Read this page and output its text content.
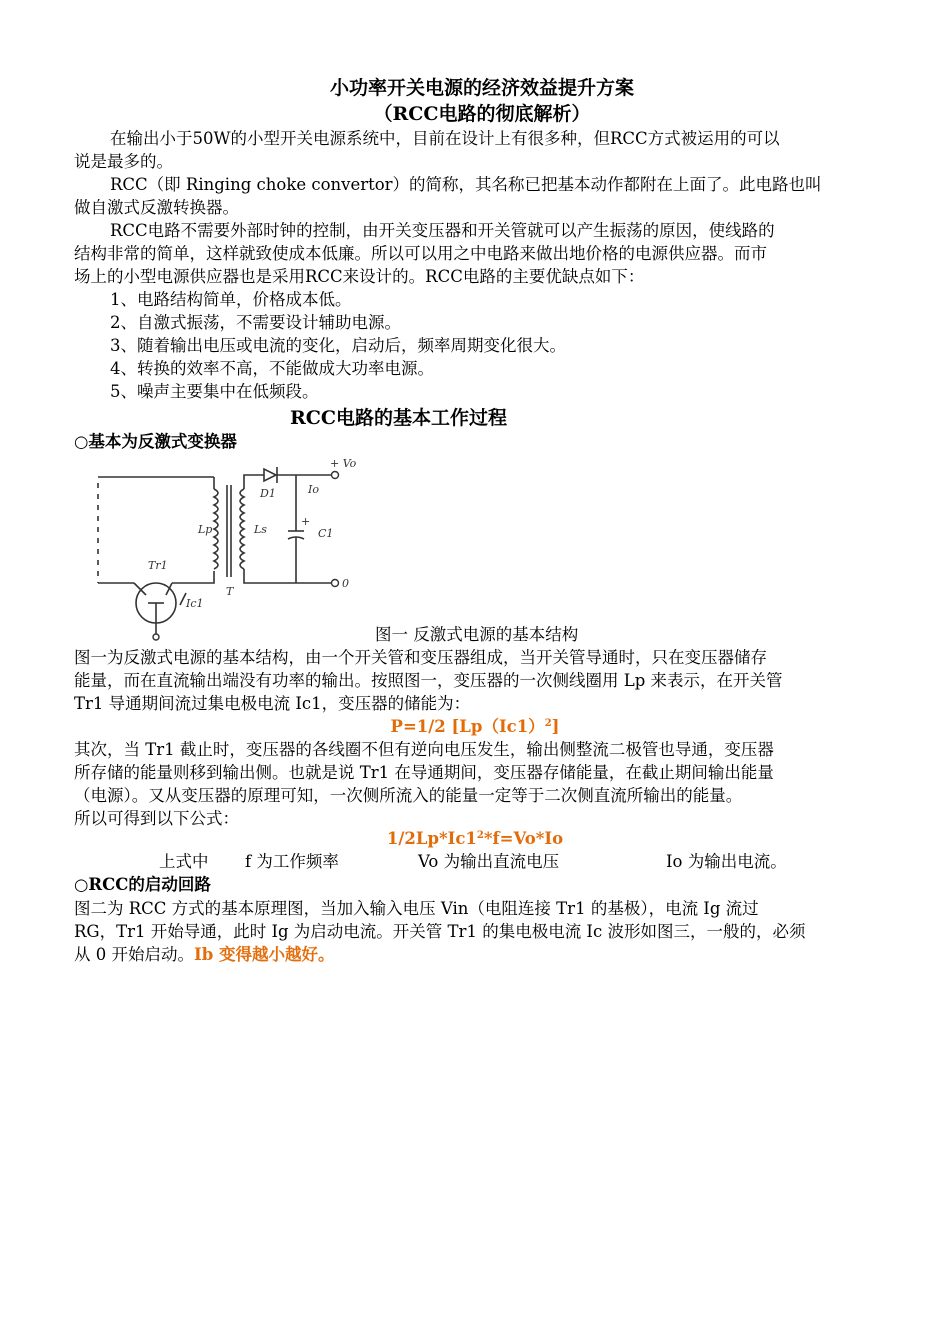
小功率开关电源的经济效益提升方案
（RCC电路的彻底解析）
在输出小于50W的小型开关电源系统中，目前在设计上有很多种，但RCC方式被运用的可以
说是最多的。
RCC（即 Ringing choke convertor）的简称，其名称已把基本动作都附在上面了。此电路也叫
做自激式反激转换器。
RCC电路不需要外部时钟的控制，由开关变压器和开关管就可以产生振荡的原因，使线路的
结构非常的简单，这样就致使成本低廉。所以可以用之中电路来做出地价格的电源供应器。而市
场上的小型电源供应器也是采用RCC来设计的。RCC电路的主要优缺点如下：
1、电路结构简单，价格成本低。
2、自激式振荡，不需要设计辅助电源。
3、随着输出电压或电流的变化，启动后，频率周期变化很大。
4、转换的效率不高，不能做成大功率电源。
5、噪声主要集中在低频段。
RCC电路的基本工作过程
○基本为反激式变换器
+ Vo
D1	Io
Lp	Ls
+
C1
Tr1
Ic1
T
0
图一 反激式电源的基本结构
图一为反激式电源的基本结构，由一个开关管和变压器组成，当开关管导通时，只在变压器储存
能量，而在直流输出端没有功率的输出。按照图一，变压器的一次侧线圈用 Lp 来表示，在开关管
Tr1 导通期间流过集电极电流 Ic1，变压器的储能为：
P=1/2 $[Lp(Ic1)^2]$
其次，当 Tr1 截止时，变压器的各线圈不但有逆向电压发生，输出侧整流二极管也导通，变压器
所存储的能量则移到输出侧。也就是说 Tr1 在导通期间，变压器存储能量，在截止期间输出能量
（电源）。又从变压器的原理可知，一次侧所流入的能量一定等于二次侧直流所输出的能量。
所以可得到以下公式：
$1/2Lp*Ic1^2*f=Vo*Io$
上式中 f 为工作频率	Vo 为输出直流电压	Io 为输出电流。
○RCC的启动回路
图二为 RCC 方式的基本原理图，当加入输入电压 Vin（电阻连接 Tr1 的基极），电流 Ig 流过
RG，Tr1 开始导通，此时 Ig 为启动电流。开关管 Tr1 的集电极电流 Ic 波形如图三，一般的，必须
从 0 开始启动。Ib 变得越小越好。
